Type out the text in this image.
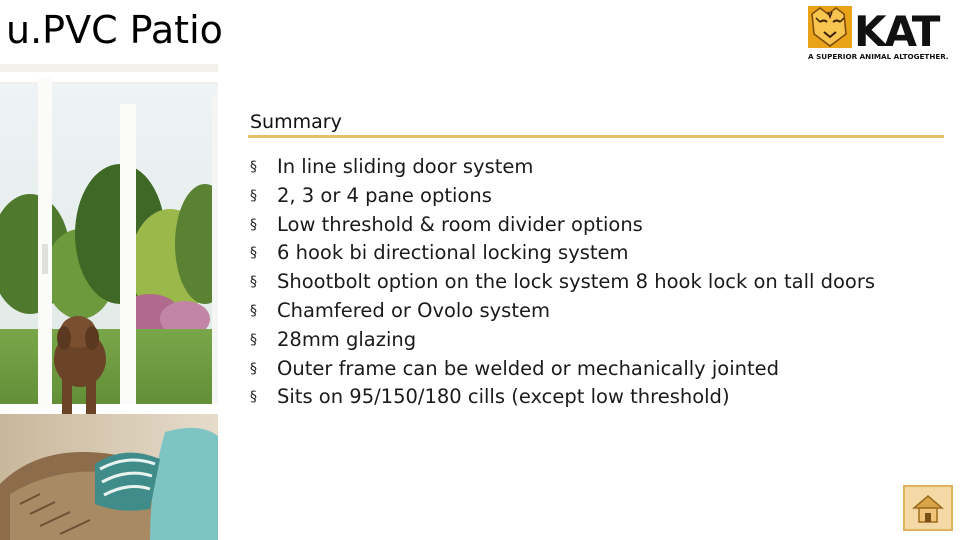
u.PVC Patio	KAT
A SUPERIOR ANIMAL ALTOGETHER.
Summary
§ In line sliding door system
§ 2, 3 or 4 pane options
§ Low threshold & room divider options
§ 6 hook bi directional locking system
§ Shootbolt option on the lock system 8 hook lock on tall doors
§ Chamfered or Ovolo system
§ 28mm glazing
§ Outer frame can be welded or mechanically jointed
§ Sits on 95/150/180 cills (except low threshold)
